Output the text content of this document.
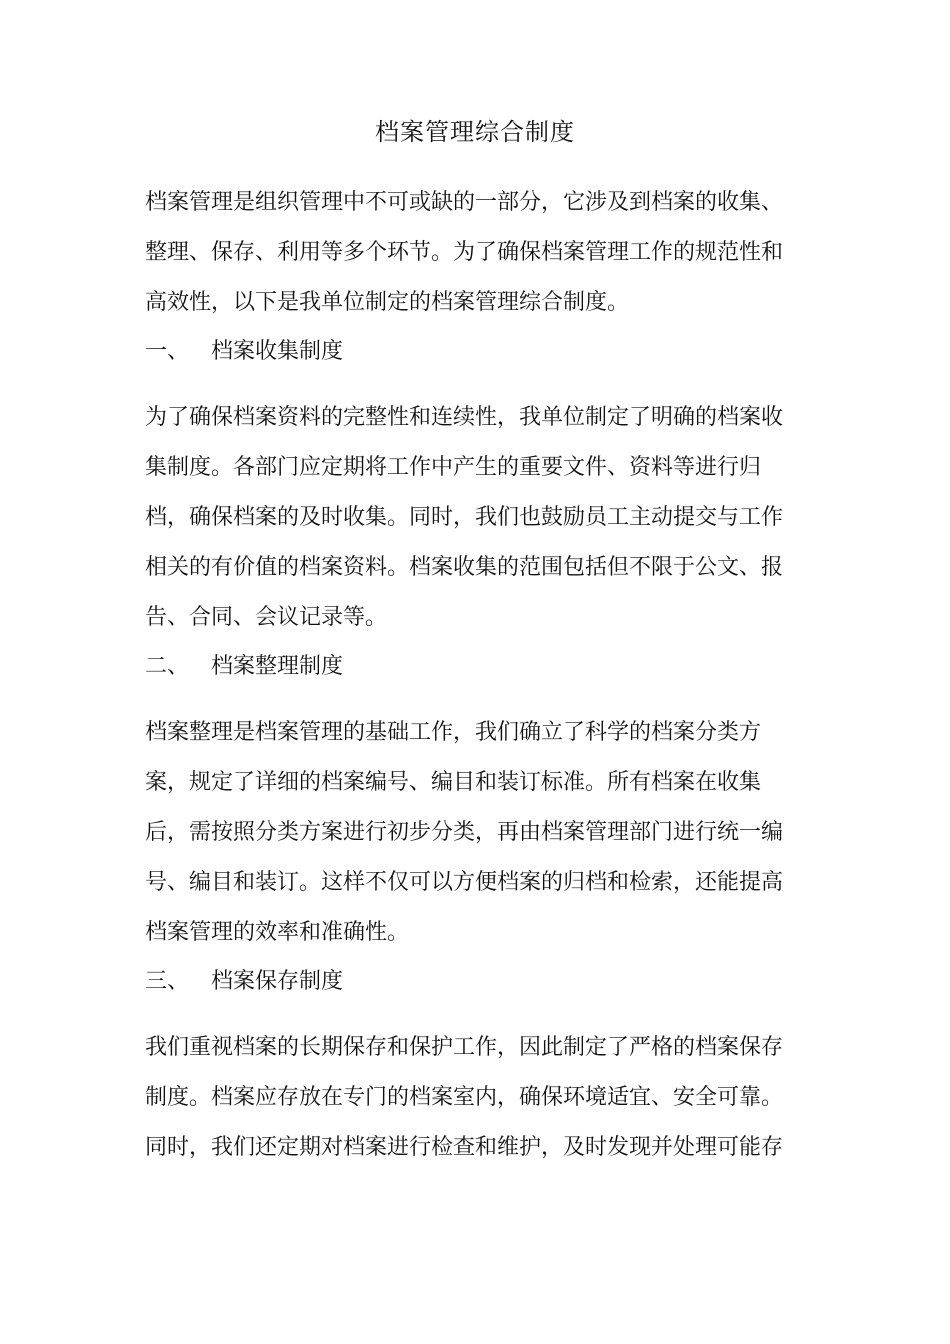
档案管理综合制度
档案管理是组织管理中不可或缺的一部分，它涉及到档案的收集、
整理、保存、利用等多个环节。为了确保档案管理工作的规范性和
高效性，以下是我单位制定的档案管理综合制度。
一、 档案收集制度
为了确保档案资料的完整性和连续性，我单位制定了明确的档案收
集制度。各部门应定期将工作中产生的重要文件、资料等进行归
档，确保档案的及时收集。同时，我们也鼓励员工主动提交与工作
相关的有价值的档案资料。档案收集的范围包括但不限于公文、报
告、合同、会议记录等。
二、 档案整理制度
档案整理是档案管理的基础工作，我们确立了科学的档案分类方
案，规定了详细的档案编号、编目和装订标准。所有档案在收集
后，需按照分类方案进行初步分类，再由档案管理部门进行统一编
号、编目和装订。这样不仅可以方便档案的归档和检索，还能提高
档案管理的效率和准确性。
三、 档案保存制度
我们重视档案的长期保存和保护工作，因此制定了严格的档案保存
制度。档案应存放在专门的档案室内，确保环境适宜、安全可靠。
同时，我们还定期对档案进行检查和维护，及时发现并处理可能存
